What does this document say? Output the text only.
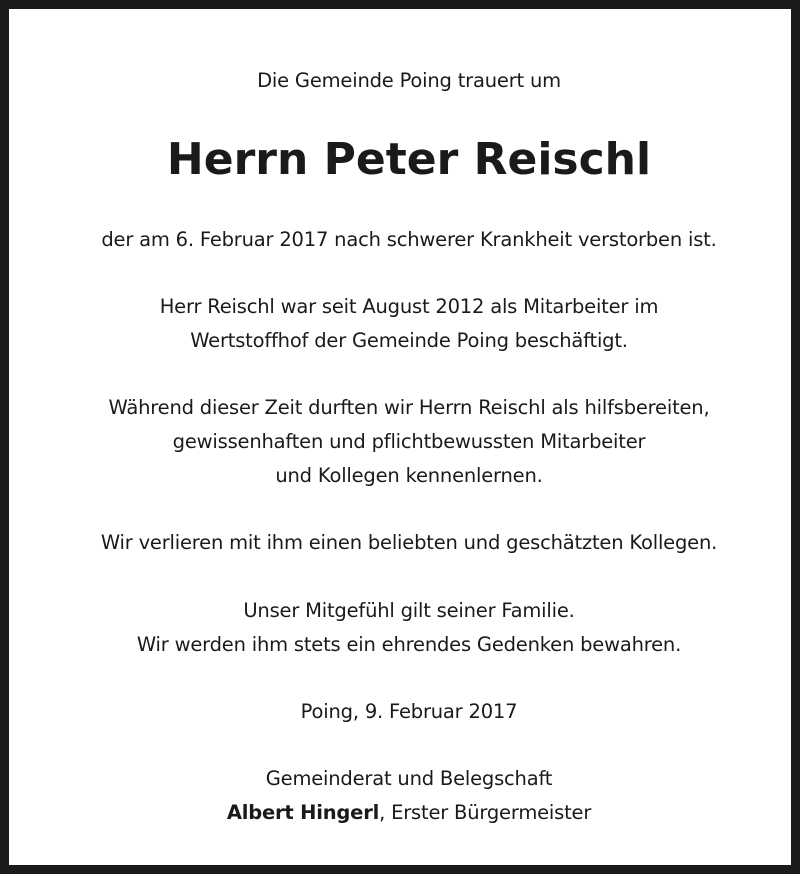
Die Gemeinde Poing trauert um
Herrn Peter Reischl
der am 6. Februar 2017 nach schwerer Krankheit verstorben ist.
Herr Reischl war seit August 2012 als Mitarbeiter im
Wertstoffhof der Gemeinde Poing beschäftigt.
Während dieser Zeit durften wir Herrn Reischl als hilfsbereiten,
gewissenhaften und pflichtbewussten Mitarbeiter
und Kollegen kennenlernen.
Wir verlieren mit ihm einen beliebten und geschätzten Kollegen.
Unser Mitgefühl gilt seiner Familie.
Wir werden ihm stets ein ehrendes Gedenken bewahren.
Poing, 9. Februar 2017
Gemeinderat und Belegschaft
Albert Hingerl, Erster Bürgermeister
